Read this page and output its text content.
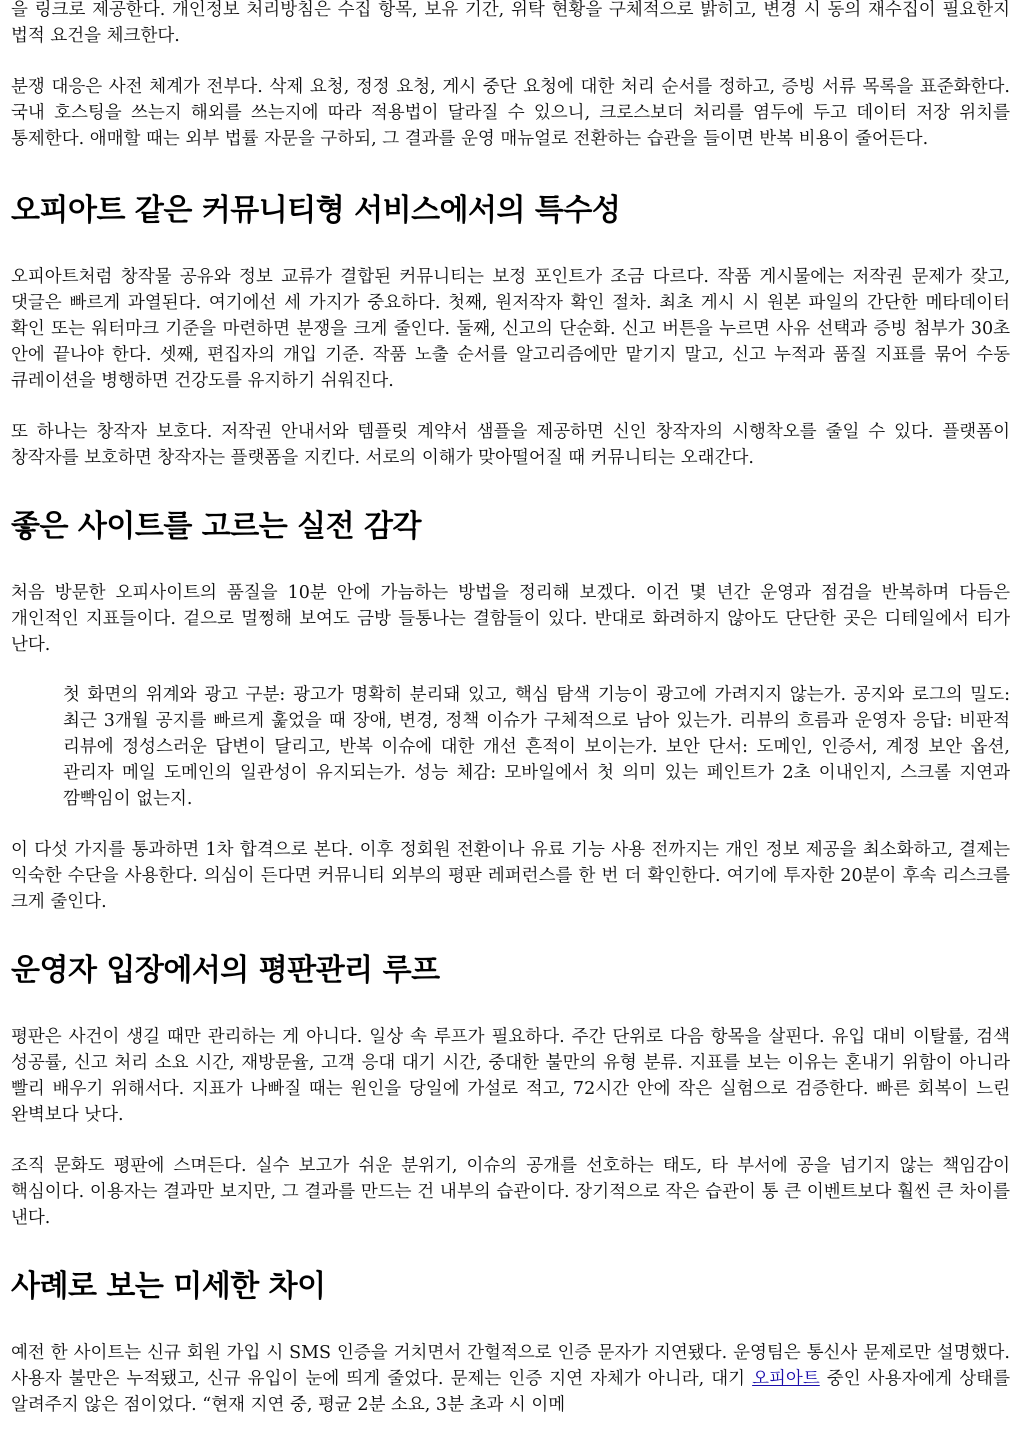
을 링크로 제공한다. 개인정보 처리방침은 수집 항목, 보유 기간, 위탁 현황을 구체적으로 밝히고, 변경 시 동의 재수집이 필요한지 법적 요건을 체크한다.

분쟁 대응은 사전 체계가 전부다. 삭제 요청, 정정 요청, 게시 중단 요청에 대한 처리 순서를 정하고, 증빙 서류 목록을 표준화한다. 국내 호스팅을 쓰는지 해외를 쓰는지에 따라 적용법이 달라질 수 있으니, 크로스보더 처리를 염두에 두고 데이터 저장 위치를 통제한다. 애매할 때는 외부 법률 자문을 구하되, 그 결과를 운영 매뉴얼로 전환하는 습관을 들이면 반복 비용이 줄어든다.

오피아트 같은 커뮤니티형 서비스에서의 특수성

오피아트처럼 창작물 공유와 정보 교류가 결합된 커뮤니티는 보정 포인트가 조금 다르다. 작품 게시물에는 저작권 문제가 잦고, 댓글은 빠르게 과열된다. 여기에선 세 가지가 중요하다. 첫째, 원저작자 확인 절차. 최초 게시 시 원본 파일의 간단한 메타데이터 확인 또는 워터마크 기준을 마련하면 분쟁을 크게 줄인다. 둘째, 신고의 단순화. 신고 버튼을 누르면 사유 선택과 증빙 첨부가 30초 안에 끝나야 한다. 셋째, 편집자의 개입 기준. 작품 노출 순서를 알고리즘에만 맡기지 말고, 신고 누적과 품질 지표를 묶어 수동 큐레이션을 병행하면 건강도를 유지하기 쉬워진다.

또 하나는 창작자 보호다. 저작권 안내서와 템플릿 계약서 샘플을 제공하면 신인 창작자의 시행착오를 줄일 수 있다. 플랫폼이 창작자를 보호하면 창작자는 플랫폼을 지킨다. 서로의 이해가 맞아떨어질 때 커뮤니티는 오래간다.

좋은 사이트를 고르는 실전 감각

처음 방문한 오피사이트의 품질을 10분 안에 가늠하는 방법을 정리해 보겠다. 이건 몇 년간 운영과 점검을 반복하며 다듬은 개인적인 지표들이다. 겉으로 멀쩡해 보여도 금방 들통나는 결함들이 있다. 반대로 화려하지 않아도 단단한 곳은 디테일에서 티가 난다.

첫 화면의 위계와 광고 구분: 광고가 명확히 분리돼 있고, 핵심 탐색 기능이 광고에 가려지지 않는가. 공지와 로그의 밀도: 최근 3개월 공지를 빠르게 훑었을 때 장애, 변경, 정책 이슈가 구체적으로 남아 있는가. 리뷰의 흐름과 운영자 응답: 비판적 리뷰에 정성스러운 답변이 달리고, 반복 이슈에 대한 개선 흔적이 보이는가. 보안 단서: 도메인, 인증서, 계정 보안 옵션, 관리자 메일 도메인의 일관성이 유지되는가. 성능 체감: 모바일에서 첫 의미 있는 페인트가 2초 이내인지, 스크롤 지연과 깜빡임이 없는지.

이 다섯 가지를 통과하면 1차 합격으로 본다. 이후 정회원 전환이나 유료 기능 사용 전까지는 개인 정보 제공을 최소화하고, 결제는 익숙한 수단을 사용한다. 의심이 든다면 커뮤니티 외부의 평판 레퍼런스를 한 번 더 확인한다. 여기에 투자한 20분이 후속 리스크를 크게 줄인다.

운영자 입장에서의 평판관리 루프

평판은 사건이 생길 때만 관리하는 게 아니다. 일상 속 루프가 필요하다. 주간 단위로 다음 항목을 살핀다. 유입 대비 이탈률, 검색 성공률, 신고 처리 소요 시간, 재방문율, 고객 응대 대기 시간, 중대한 불만의 유형 분류. 지표를 보는 이유는 혼내기 위함이 아니라 빨리 배우기 위해서다. 지표가 나빠질 때는 원인을 당일에 가설로 적고, 72시간 안에 작은 실험으로 검증한다. 빠른 회복이 느린 완벽보다 낫다.

조직 문화도 평판에 스며든다. 실수 보고가 쉬운 분위기, 이슈의 공개를 선호하는 태도, 타 부서에 공을 넘기지 않는 책임감이 핵심이다. 이용자는 결과만 보지만, 그 결과를 만드는 건 내부의 습관이다. 장기적으로 작은 습관이 통 큰 이벤트보다 훨씬 큰 차이를 낸다.

사례로 보는 미세한 차이

예전 한 사이트는 신규 회원 가입 시 SMS 인증을 거치면서 간헐적으로 인증 문자가 지연됐다. 운영팀은 통신사 문제로만 설명했다. 사용자 불만은 누적됐고, 신규 유입이 눈에 띄게 줄었다. 문제는 인증 지연 자체가 아니라, 대기 오피아트 중인 사용자에게 상태를 알려주지 않은 점이었다. “현재 지연 중, 평균 2분 소요, 3분 초과 시 이메
